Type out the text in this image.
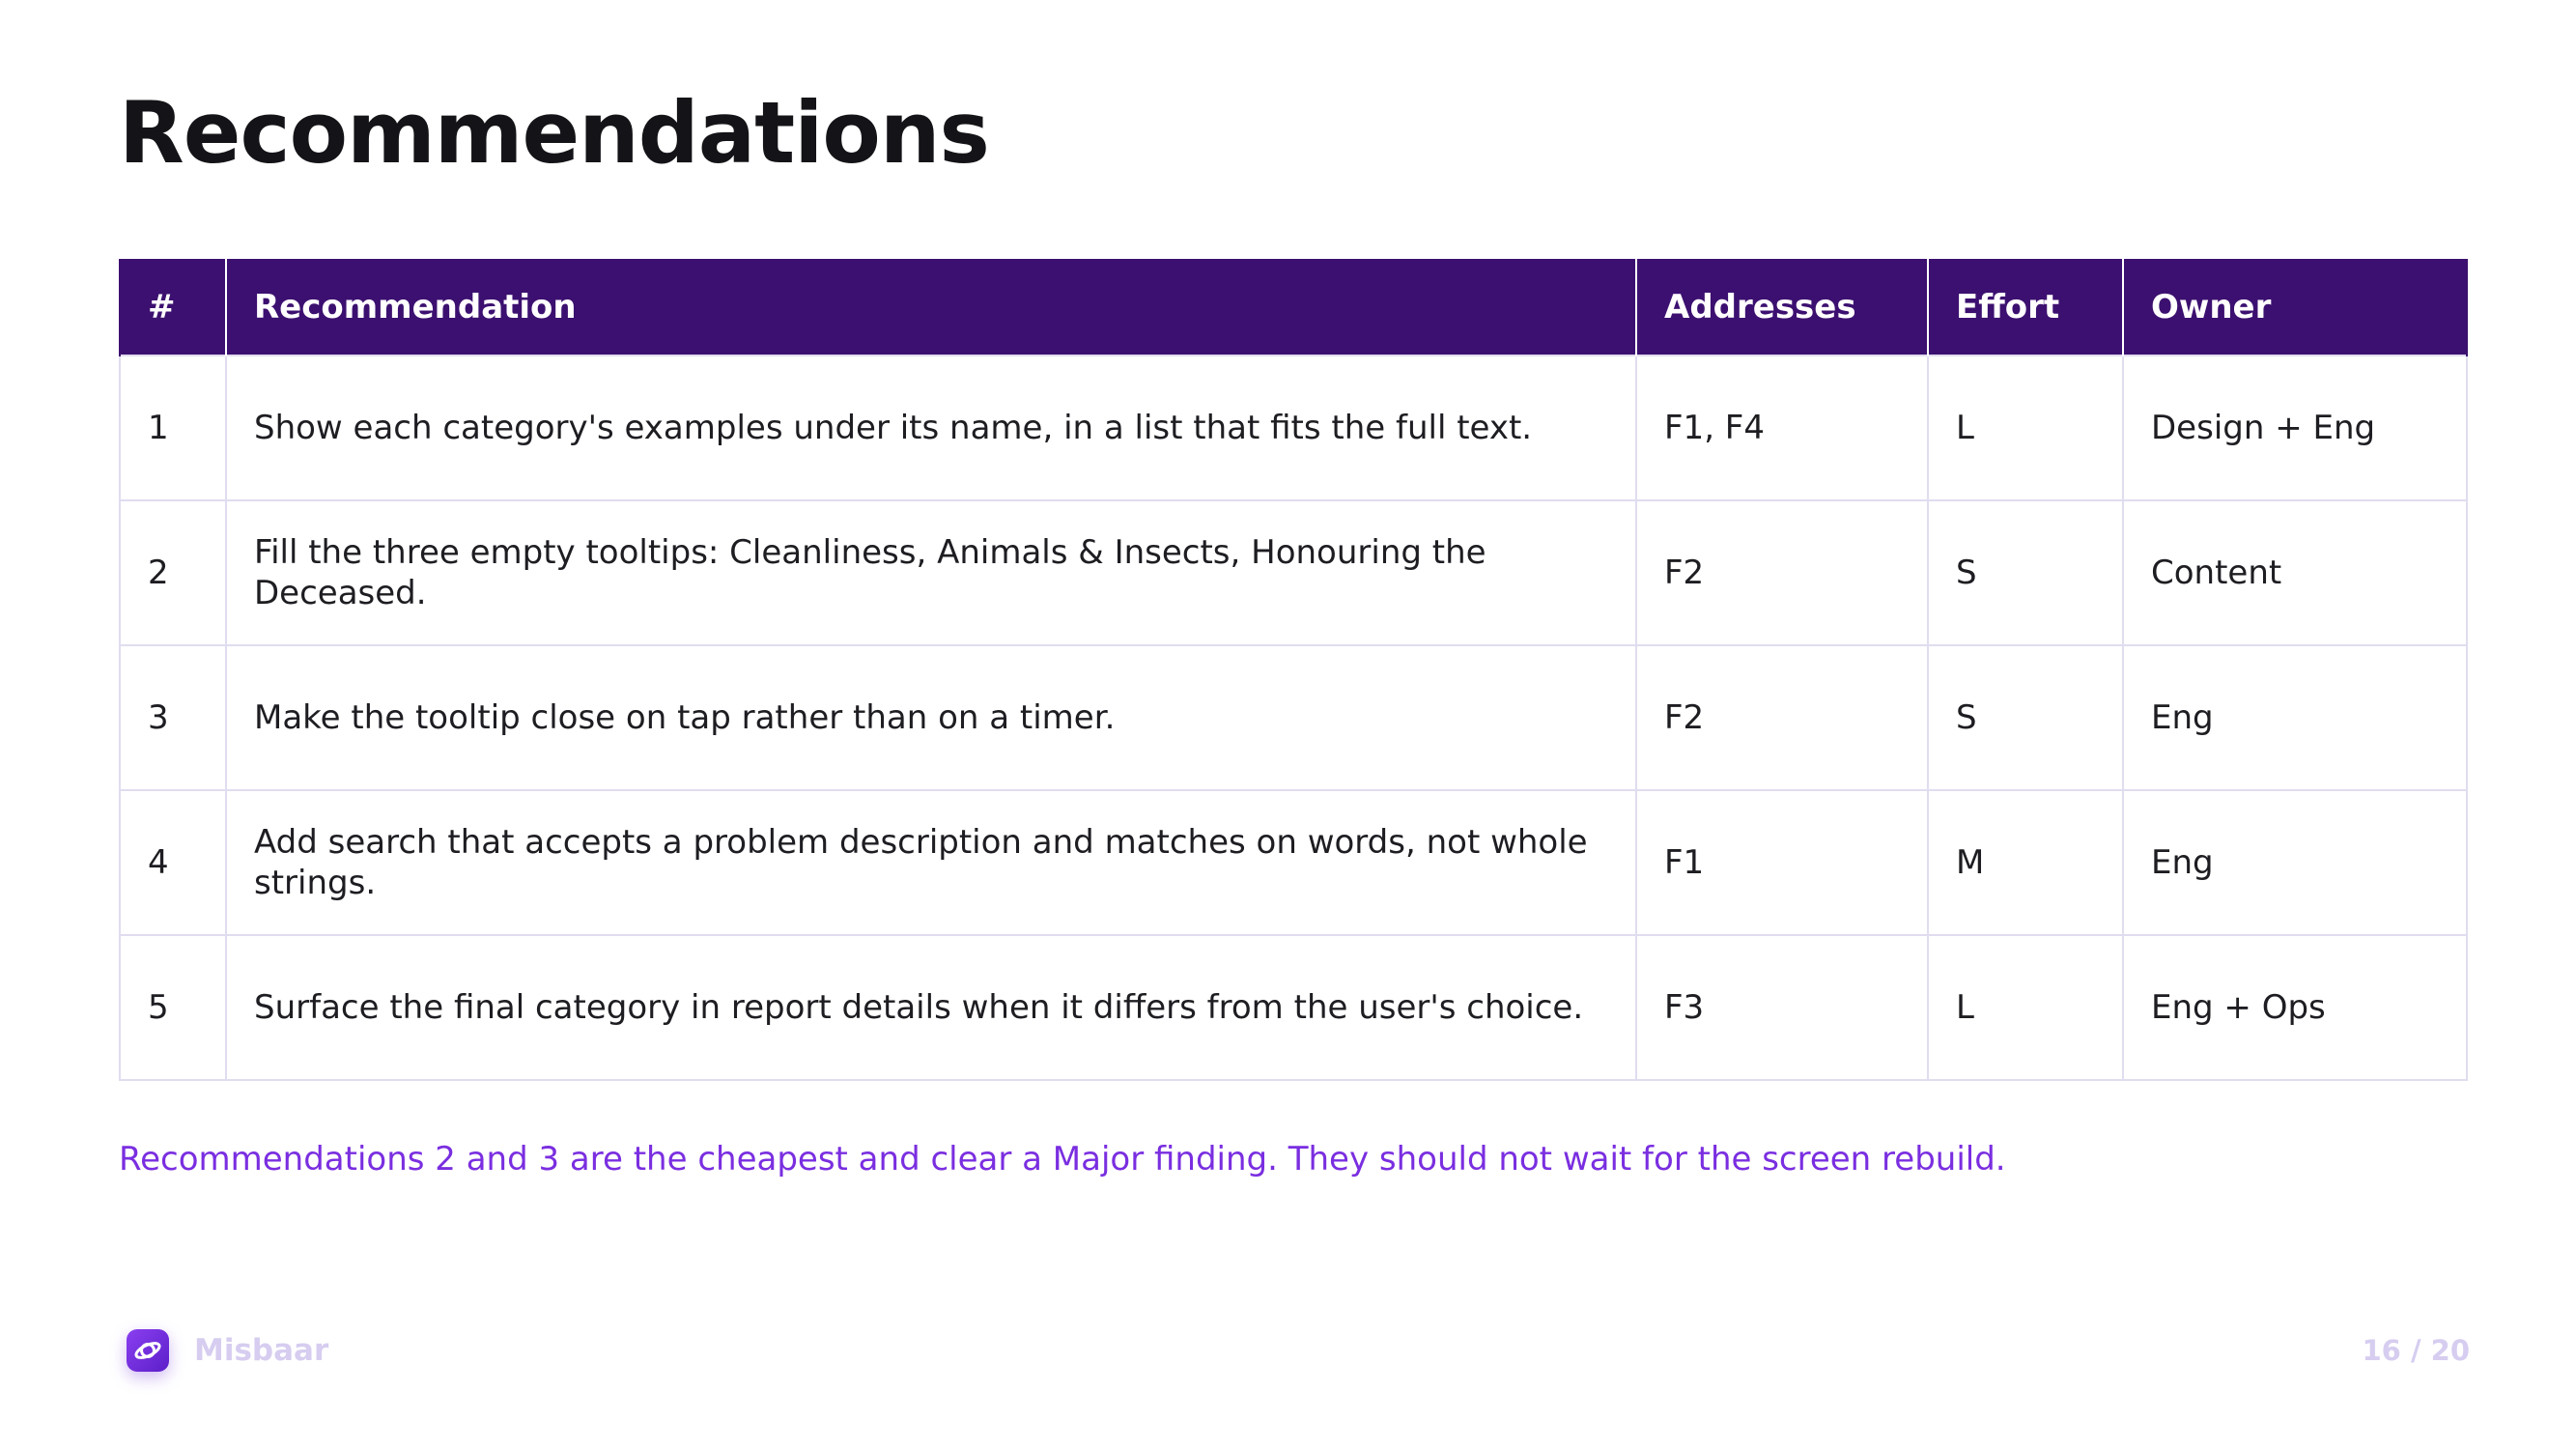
Recommendations
#	Recommendation	Addresses	Effort	Owner
1	Show each category's examples under its name, in a list that fits the full text.	F1, F4	L	Design + Eng
2	Fill the three empty tooltips: Cleanliness, Animals & Insects, Honouring the Deceased.	F2	S	Content
3	Make the tooltip close on tap rather than on a timer.	F2	S	Eng
4	Add search that accepts a problem description and matches on words, not whole strings.	F1	M	Eng
5	Surface the final category in report details when it differs from the user's choice.	F3	L	Eng + Ops

Recommendations 2 and 3 are the cheapest and clear a Major finding. They should not wait for the screen rebuild.

Misbaar	16 / 20
